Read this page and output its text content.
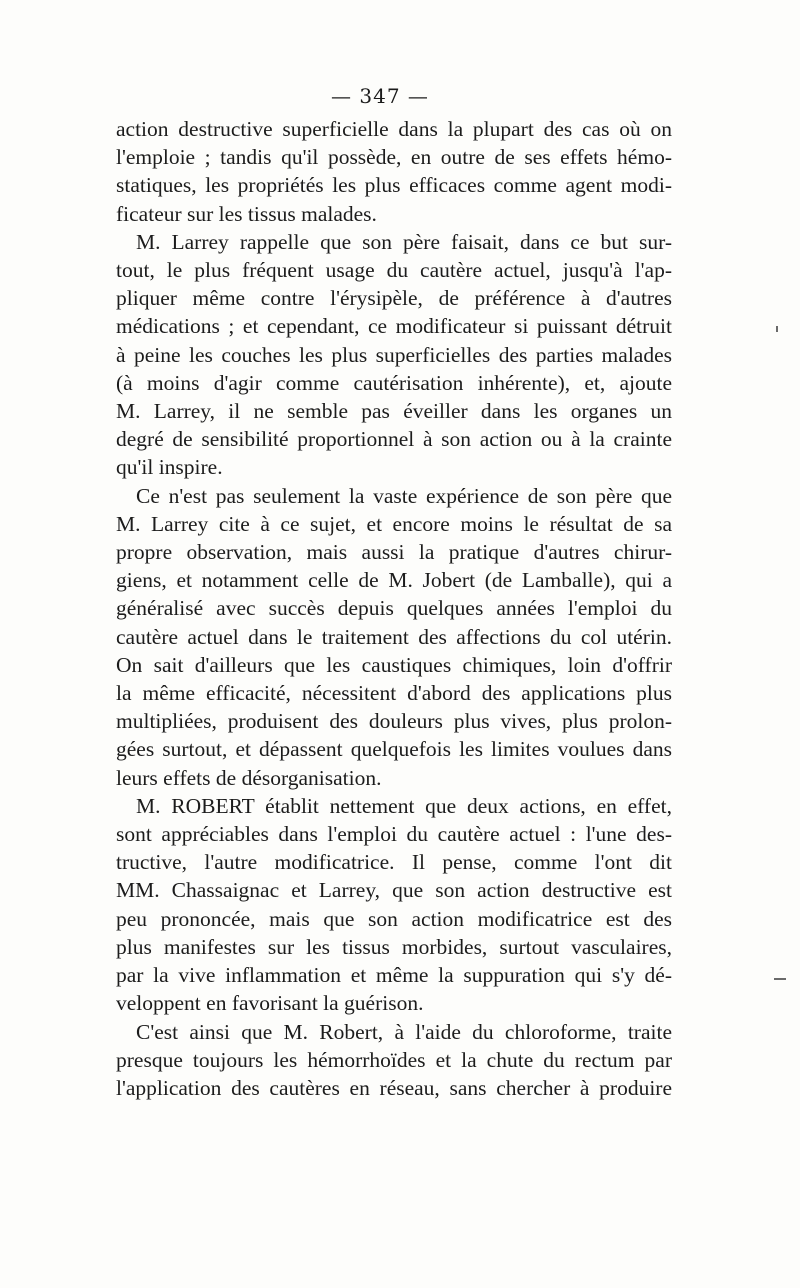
— 347 —
action destructive superficielle dans la plupart des cas où on
l'emploie ; tandis qu'il possède, en outre de ses effets hémo-
statiques, les propriétés les plus efficaces comme agent modi-
ficateur sur les tissus malades.
M. Larrey rappelle que son père faisait, dans ce but sur-
tout, le plus fréquent usage du cautère actuel, jusqu'à l'ap-
pliquer même contre l'érysipèle, de préférence à d'autres
médications ; et cependant, ce modificateur si puissant détruit
à peine les couches les plus superficielles des parties malades
(à moins d'agir comme cautérisation inhérente), et, ajoute
M. Larrey, il ne semble pas éveiller dans les organes un
degré de sensibilité proportionnel à son action ou à la crainte
qu'il inspire.
Ce n'est pas seulement la vaste expérience de son père que
M. Larrey cite à ce sujet, et encore moins le résultat de sa
propre observation, mais aussi la pratique d'autres chirur-
giens, et notamment celle de M. Jobert (de Lamballe), qui a
généralisé avec succès depuis quelques années l'emploi du
cautère actuel dans le traitement des affections du col utérin.
On sait d'ailleurs que les caustiques chimiques, loin d'offrir
la même efficacité, nécessitent d'abord des applications plus
multipliées, produisent des douleurs plus vives, plus prolon-
gées surtout, et dépassent quelquefois les limites voulues dans
leurs effets de désorganisation.
M. ROBERT établit nettement que deux actions, en effet,
sont appréciables dans l'emploi du cautère actuel : l'une des-
tructive, l'autre modificatrice. Il pense, comme l'ont dit
MM. Chassaignac et Larrey, que son action destructive est
peu prononcée, mais que son action modificatrice est des
plus manifestes sur les tissus morbides, surtout vasculaires,
par la vive inflammation et même la suppuration qui s'y dé-
veloppent en favorisant la guérison.
C'est ainsi que M. Robert, à l'aide du chloroforme, traite
presque toujours les hémorrhoïdes et la chute du rectum par
l'application des cautères en réseau, sans chercher à produire
